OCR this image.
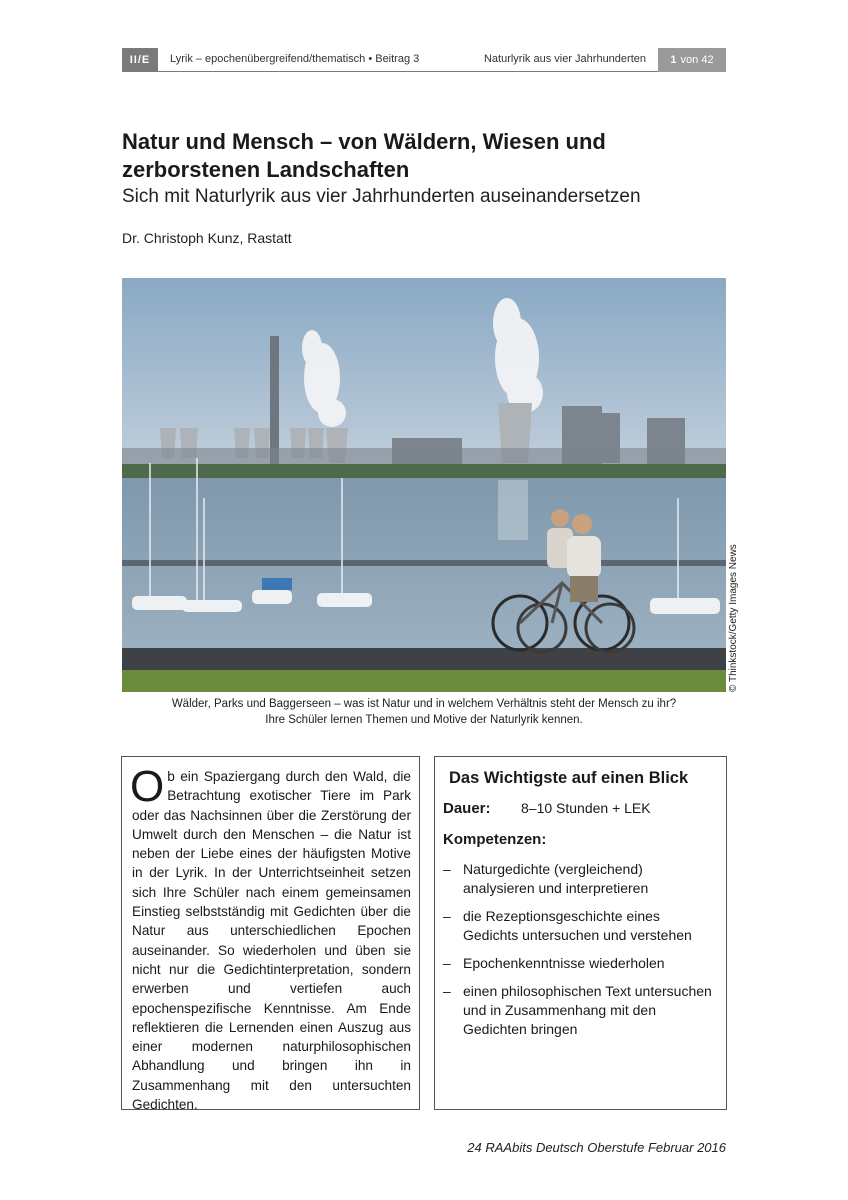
II/E	Lyrik – epochenübergreifend/thematisch • Beitrag 3	Naturlyrik aus vier Jahrhunderten 1 von 42
Natur und Mensch – von Wäldern, Wiesen und zerborstenen Landschaften
Sich mit Naturlyrik aus vier Jahrhunderten auseinandersetzen
Dr. Christoph Kunz, Rastatt
© Thinkstock/Getty Images News
Wälder, Parks und Baggerseen – was ist Natur und in welchem Verhältnis steht der Mensch zu ihr?
Ihre Schüler lernen Themen und Motive der Naturlyrik kennen.

Ob ein Spaziergang durch den Wald, die Betrachtung exotischer Tiere im Park oder das Nachsinnen über die Zerstörung der Umwelt durch den Menschen – die Natur ist neben der Liebe eines der häufigsten Motive in der Lyrik. In der Unterrichtseinheit setzen sich Ihre Schüler nach einem gemeinsamen Einstieg selbstständig mit Gedichten über die Natur aus unterschiedlichen Epochen auseinander. So wiederholen und üben sie nicht nur die Gedichtinterpretation, sondern erwerben und vertiefen auch epochenspezifische Kenntnisse. Am Ende reflektieren die Lernenden einen Auszug aus einer modernen naturphilosophischen Abhandlung und bringen ihn in Zusammenhang mit den untersuchten Gedichten.

Das Wichtigste auf einen Blick
Dauer: 8–10 Stunden + LEK
Kompetenzen:
– Naturgedichte (vergleichend) analysieren und interpretieren
– die Rezeptionsgeschichte eines Gedichts untersuchen und verstehen
– Epochenkenntnisse wiederholen
– einen philosophischen Text untersuchen und in Zusammenhang mit den Gedichten bringen
24 RAAbits Deutsch Oberstufe Februar 2016
